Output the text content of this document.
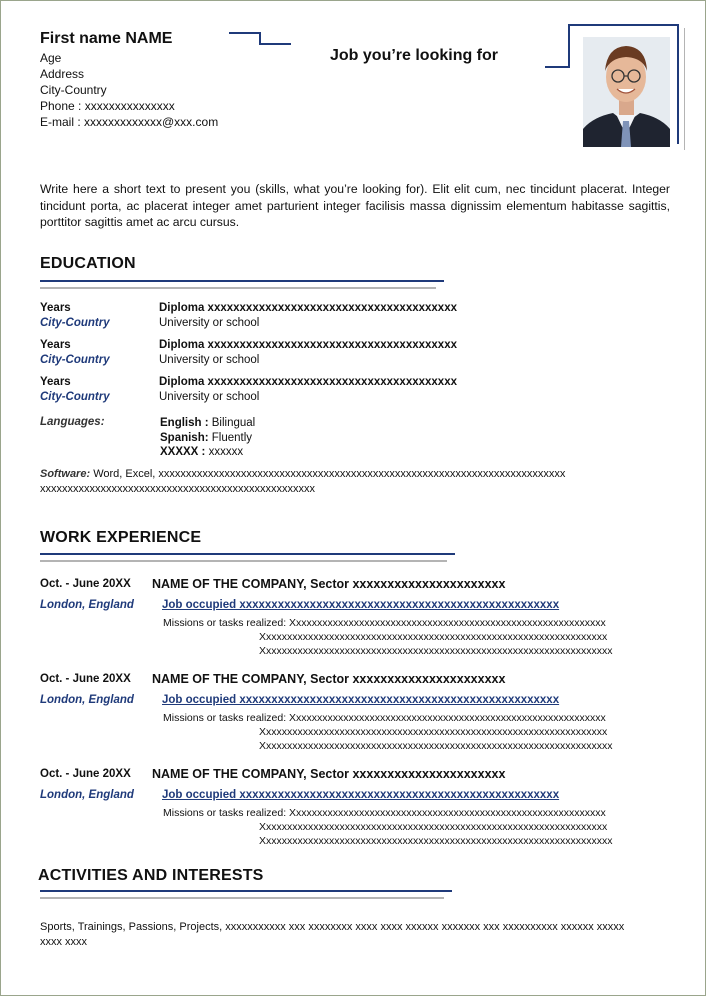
First name NAME
Age
Address
City-Country
Phone : xxxxxxxxxxxxxxx
E-mail : xxxxxxxxxxxxx@xxx.com
Job you’re looking for
Write here a short text to present you (skills, what you’re looking for). Elit elit cum, nec tincidunt placerat. Integer tincidunt porta, ac placerat integer amet parturient integer facilisis massa dignissim elementum habitasse sagittis, porttitor sagittis amet ac arcu cursus.
EDUCATION
Years
City-Country
Diploma xxxxxxxxxxxxxxxxxxxxxxxxxxxxxxxxxxxxxxx
University or school
Years
City-Country
Diploma xxxxxxxxxxxxxxxxxxxxxxxxxxxxxxxxxxxxxxx
University or school
Years
City-Country
Diploma xxxxxxxxxxxxxxxxxxxxxxxxxxxxxxxxxxxxxxx
University or school
Languages:	English : Bilingual
Spanish: Fluently
XXXXX : xxxxxx
Software: Word, Excel, xxxxxxxxxxxxxxxxxxxxxxxxxxxxxxxxxxxxxxxxxxxxxxxxxxxxxxxxxxxxxxxxxxxxxxxxxx
xxxxxxxxxxxxxxxxxxxxxxxxxxxxxxxxxxxxxxxxxxxxxxxxxx
WORK EXPERIENCE
Oct. - June 20XX NAME OF THE COMPANY, Sector xxxxxxxxxxxxxxxxxxxxxx
London, England Job occupied xxxxxxxxxxxxxxxxxxxxxxxxxxxxxxxxxxxxxxxxxxxxxxxxxx
Missions or tasks realized: Xxxxxxxxxxxxxxxxxxxxxxxxxxxxxxxxxxxxxxxxxxxxxxxxxxxxxxxxxxxx
Xxxxxxxxxxxxxxxxxxxxxxxxxxxxxxxxxxxxxxxxxxxxxxxxxxxxxxxxxxxxxxxxxx
Xxxxxxxxxxxxxxxxxxxxxxxxxxxxxxxxxxxxxxxxxxxxxxxxxxxxxxxxxxxxxxxxxxx
Oct. - June 20XX NAME OF THE COMPANY, Sector xxxxxxxxxxxxxxxxxxxxxx
London, England Job occupied xxxxxxxxxxxxxxxxxxxxxxxxxxxxxxxxxxxxxxxxxxxxxxxxxx
Missions or tasks realized: Xxxxxxxxxxxxxxxxxxxxxxxxxxxxxxxxxxxxxxxxxxxxxxxxxxxxxxxxxxxx
Xxxxxxxxxxxxxxxxxxxxxxxxxxxxxxxxxxxxxxxxxxxxxxxxxxxxxxxxxxxxxxxxxx
Xxxxxxxxxxxxxxxxxxxxxxxxxxxxxxxxxxxxxxxxxxxxxxxxxxxxxxxxxxxxxxxxxxx
Oct. - June 20XX NAME OF THE COMPANY, Sector xxxxxxxxxxxxxxxxxxxxxx
London, England Job occupied xxxxxxxxxxxxxxxxxxxxxxxxxxxxxxxxxxxxxxxxxxxxxxxxxx
Missions or tasks realized: Xxxxxxxxxxxxxxxxxxxxxxxxxxxxxxxxxxxxxxxxxxxxxxxxxxxxxxxxxxxx
Xxxxxxxxxxxxxxxxxxxxxxxxxxxxxxxxxxxxxxxxxxxxxxxxxxxxxxxxxxxxxxxxxx
Xxxxxxxxxxxxxxxxxxxxxxxxxxxxxxxxxxxxxxxxxxxxxxxxxxxxxxxxxxxxxxxxxxx
ACTIVITIES AND INTERESTS
Sports, Trainings, Passions, Projects, xxxxxxxxxxx xxx xxxxxxxx xxxx xxxx xxxxxx xxxxxxx xxx xxxxxxxxxx xxxxxx xxxxx
xxxx xxxx
